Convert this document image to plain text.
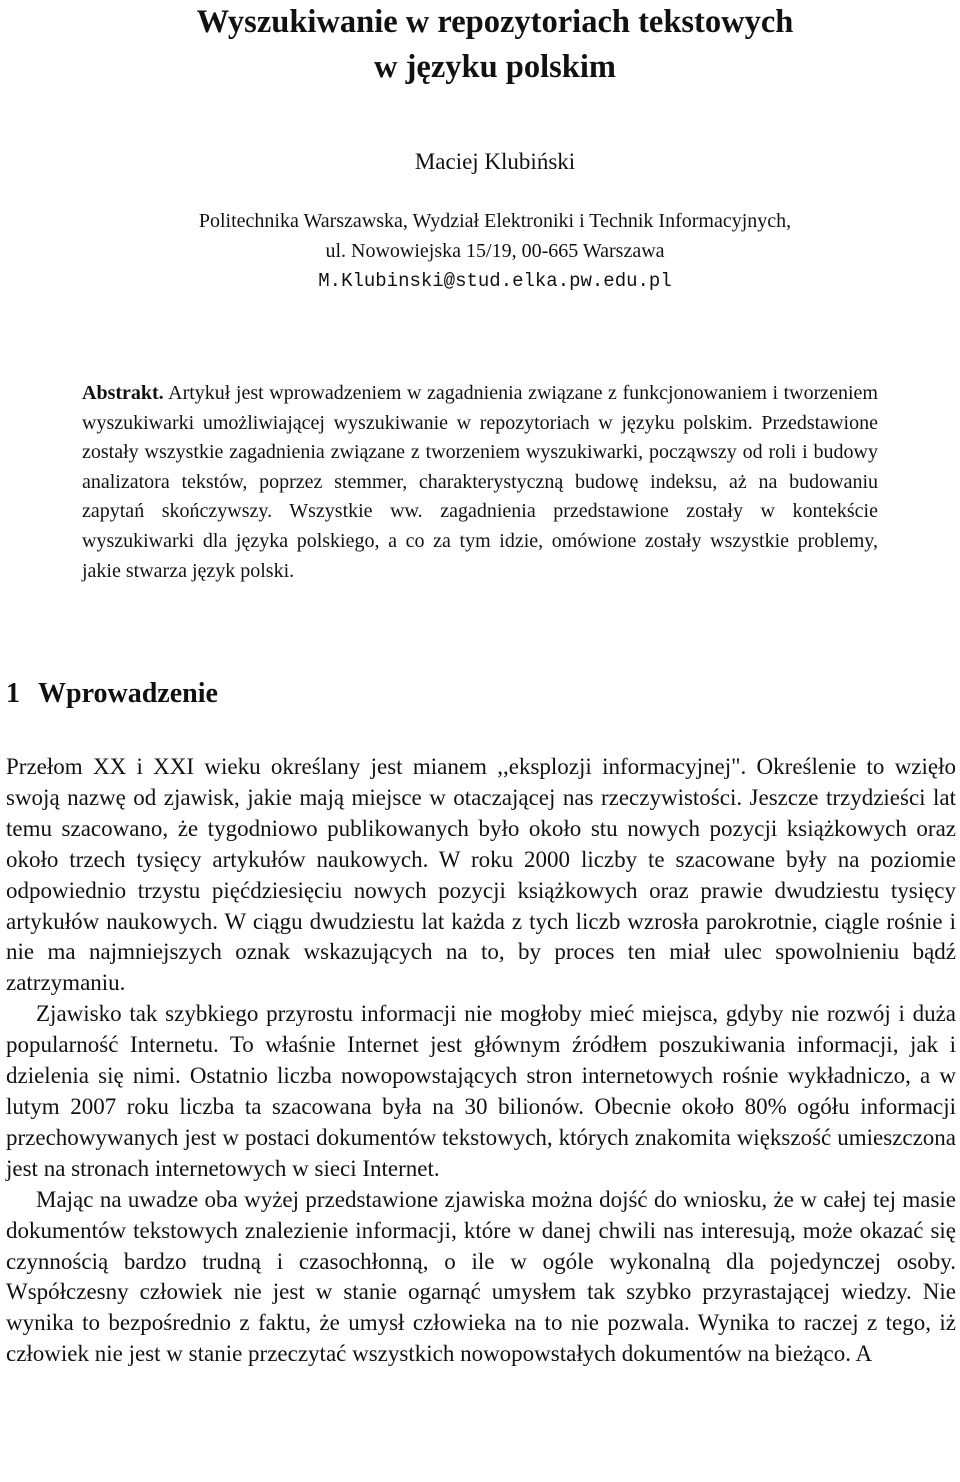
Wyszukiwanie w repozytoriach tekstowych
w języku polskim
Maciej Klubiński
Politechnika Warszawska, Wydział Elektroniki i Technik Informacyjnych,
ul. Nowowiejska 15/19, 00-665 Warszawa
M.Klubinski@stud.elka.pw.edu.pl
Abstrakt. Artykuł jest wprowadzeniem w zagadnienia związane z funkcjonowaniem i tworzeniem wyszukiwarki umożliwiającej wyszukiwanie w repozytoriach w języku polskim. Przedstawione zostały wszystkie zagadnienia związane z tworzeniem wyszukiwarki, począwszy od roli i budowy analizatora tekstów, poprzez stemmer, charakterystyczną budowę indeksu, aż na budowaniu zapytań skończywszy. Wszystkie ww. zagadnienia przedstawione zostały w kontekście wyszukiwarki dla języka polskiego, a co za tym idzie, omówione zostały wszystkie problemy, jakie stwarza język polski.
1 Wprowadzenie

Przełom XX i XXI wieku określany jest mianem ,,eksplozji informacyjnej". Określenie to wzięło swoją nazwę od zjawisk, jakie mają miejsce w otaczającej nas rzeczywistości. Jeszcze trzydzieści lat temu szacowano, że tygodniowo publikowanych było około stu nowych pozycji książkowych oraz około trzech tysięcy artykułów naukowych. W roku 2000 liczby te szacowane były na poziomie odpowiednio trzystu pięćdziesięciu nowych pozycji książkowych oraz prawie dwudziestu tysięcy artykułów naukowych. W ciągu dwudziestu lat każda z tych liczb wzrosła parokrotnie, ciągle rośnie i nie ma najmniejszych oznak wskazujących na to, by proces ten miał ulec spowolnieniu bądź zatrzymaniu.

Zjawisko tak szybkiego przyrostu informacji nie mogłoby mieć miejsca, gdyby nie rozwój i duża popularność Internetu. To właśnie Internet jest głównym źródłem poszukiwania informacji, jak i dzielenia się nimi. Ostatnio liczba nowopowstających stron internetowych rośnie wykładniczo, a w lutym 2007 roku liczba ta szacowana była na 30 bilionów. Obecnie około 80% ogółu informacji przechowywanych jest w postaci dokumentów tekstowych, których znakomita większość umieszczona jest na stronach internetowych w sieci Internet.

Mając na uwadze oba wyżej przedstawione zjawiska można dojść do wniosku, że w całej tej masie dokumentów tekstowych znalezienie informacji, które w danej chwili nas interesują, może okazać się czynnością bardzo trudną i czasochłonną, o ile w ogóle wykonalną dla pojedynczej osoby. Współczesny człowiek nie jest w stanie ogarnąć umysłem tak szybko przyrastającej wiedzy. Nie wynika to bezpośrednio z faktu, że umysł człowieka na to nie pozwala. Wynika to raczej z tego, iż człowiek nie jest w stanie przeczytać wszystkich nowopowstałych dokumentów na bieżąco. A
